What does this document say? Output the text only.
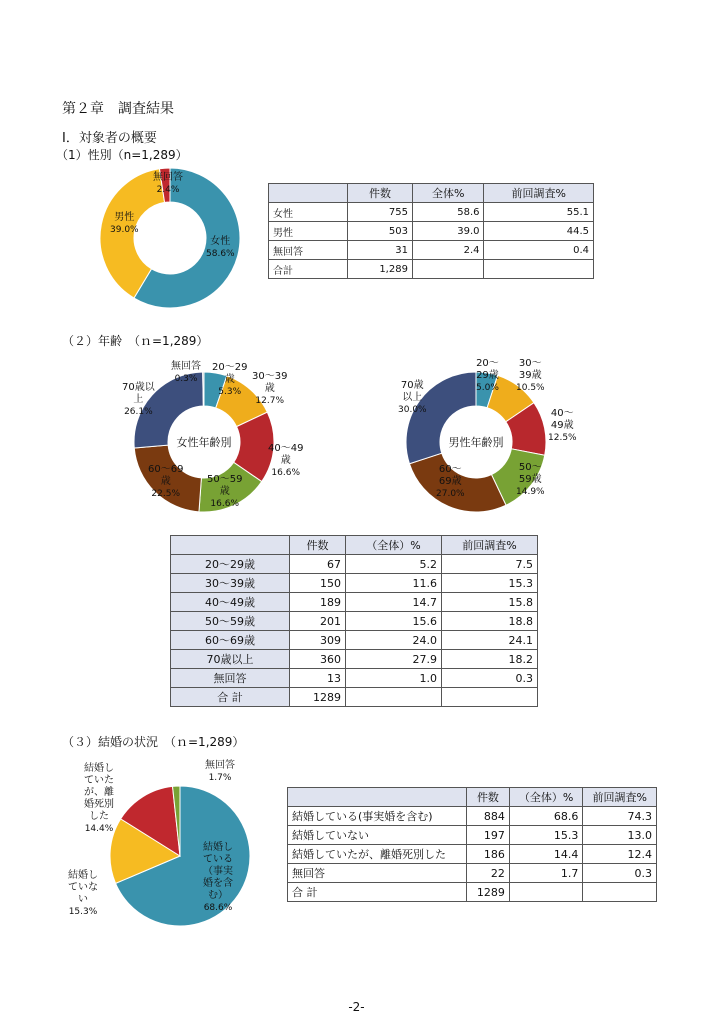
第２章　調査結果
Ⅰ．対象者の概要
（1）性別（n=1,289）
無回答
2.4%
男性
39.0%
女性
58.6%
	件数	全体%	前回調査%
女性	755	58.6	55.1
男性	503	39.0	44.5
無回答	31	2.4	0.4
合計	1,289		
（２）年齢　（ｎ=1,289）
女性年齢別
無回答
0.3%
20～29
歳
5.3%
30～39
歳
12.7%
40～49
歳
16.6%
50～59
歳
16.6%
60～69
歳
22.5%
70歳以
上
26.1%
男性年齢別
20～
29歳
5.0%
30～
39歳
10.5%
40～
49歳
12.5%
50～
59歳
14.9%
60～
69歳
27.0%
70歳
以上
30.0%
	件数	（全体）%	前回調査%
20～29歳	67	5.2	7.5
30～39歳	150	11.6	15.3
40～49歳	189	14.7	15.8
50～59歳	201	15.6	18.8
60～69歳	309	24.0	24.1
70歳以上	360	27.9	18.2
無回答	13	1.0	0.3
合 計	1289		
（３）結婚の状況　（ｎ=1,289）
無回答
1.7%
結婚し
ていた
が、離
婚死別
した
14.4%
結婚し
ていな
い
15.3%
結婚し
ている
（事実
婚を含
む）
68.6%
	件数	（全体）%	前回調査%
結婚している(事実婚を含む)	884	68.6	74.3
結婚していない	197	15.3	13.0
結婚していたが、離婚死別した	186	14.4	12.4
無回答	22	1.7	0.3
合 計	1289		
-2-
